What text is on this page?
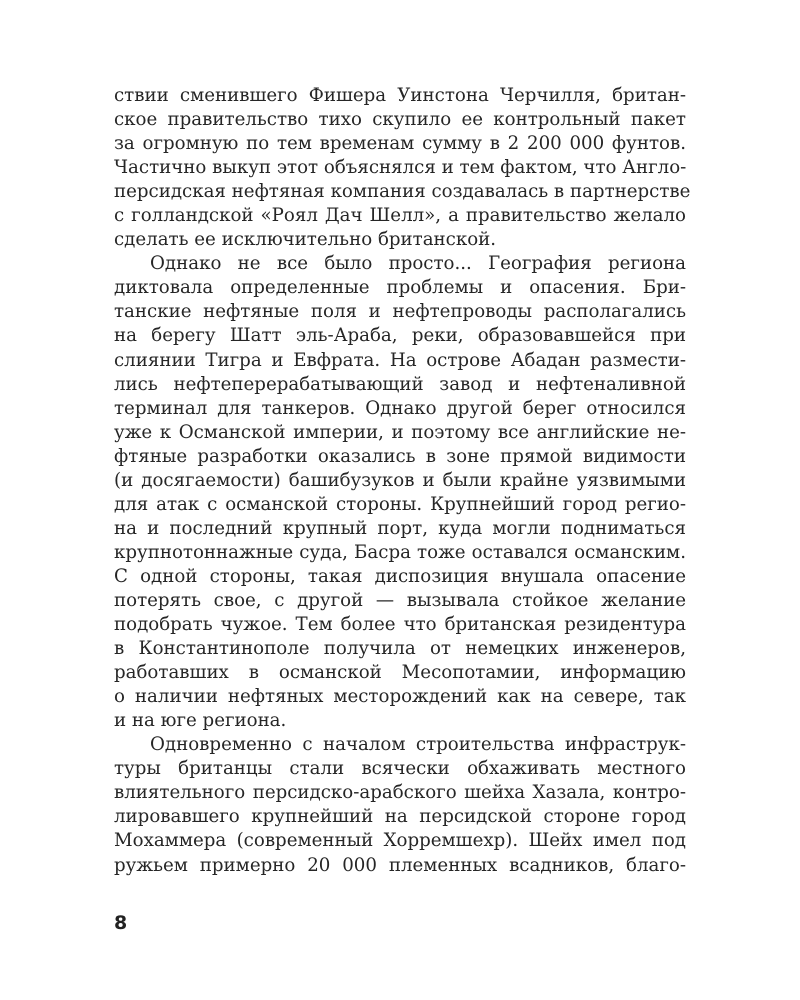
ствии сменившего Фишера Уинстона Черчилля, британ-
ское правительство тихо скупило ее контрольный пакет
за огромную по тем временам сумму в 2 200 000 фунтов.
Частично выкуп этот объяснялся и тем фактом, что Англо-
персидская нефтяная компания создавалась в партнерстве
с голландской «Роял Дач Шелл», а правительство желало
сделать ее исключительно британской.
Однако не все было просто... География региона
диктовала определенные проблемы и опасения. Бри-
танские нефтяные поля и нефтепроводы располагались
на берегу Шатт эль-Араба, реки, образовавшейся при
слиянии Тигра и Евфрата. На острове Абадан размести-
лись нефтеперерабатывающий завод и нефтеналивной
терминал для танкеров. Однако другой берег относился
уже к Османской империи, и поэтому все английские не-
фтяные разработки оказались в зоне прямой видимости
(и досягаемости) башибузуков и были крайне уязвимыми
для атак с османской стороны. Крупнейший город регио-
на и последний крупный порт, куда могли подниматься
крупнотоннажные суда, Басра тоже оставался османским.
С одной стороны, такая диспозиция внушала опасение
потерять свое, с другой — вызывала стойкое желание
подобрать чужое. Тем более что британская резидентура
в Константинополе получила от немецких инженеров,
работавших в османской Месопотамии, информацию
о наличии нефтяных месторождений как на севере, так
и на юге региона.
Одновременно с началом строительства инфраструк-
туры британцы стали всячески обхаживать местного
влиятельного персидско-арабского шейха Хазала, контро-
лировавшего крупнейший на персидской стороне город
Мохаммера (современный Хорремшехр). Шейх имел под
ружьем примерно 20 000 племенных всадников, благо-
8
